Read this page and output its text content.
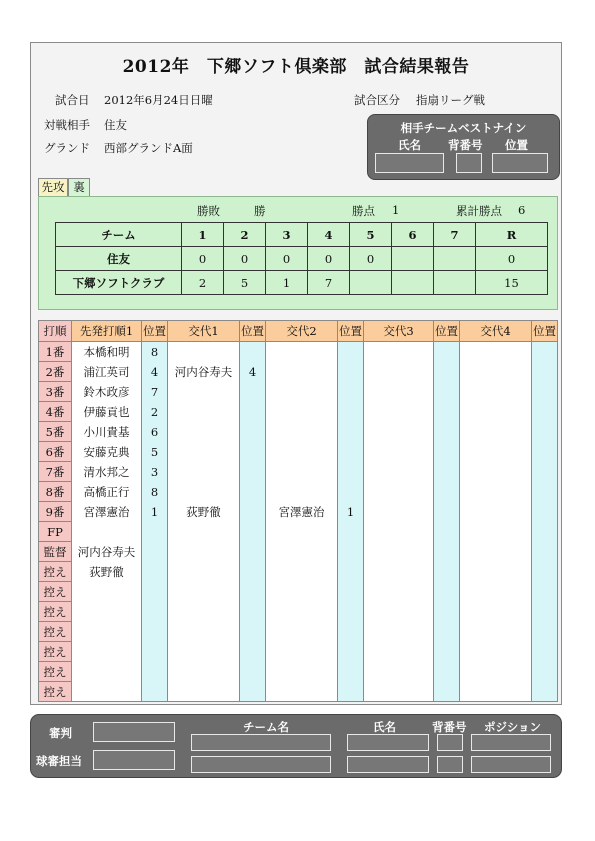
2012年　下郷ソフト倶楽部　試合結果報告
試合日 2012年6月24日日曜
対戦相手 住友
グランド 西部グランドA面
試合区分 指扇リーグ戦
相手チームベストナイン
氏名 背番号 位置
先攻 裏
勝敗	勝	勝点 1	累計勝点 6
チーム	1	2	3	4	5	6	7	R
住友	0	0	0	0	0			0
下郷ソフトクラブ	2	5	1	7				15
打順	先発打順1	位置	交代1	位置	交代2	位置	交代3	位置	交代4	位置
1番	本橋和明	8								
2番	浦江英司	4	河内谷寿夫	4						
3番	鈴木政彦	7								
4番	伊藤貢也	2								
5番	小川貴基	6								
6番	安藤克典	5								
7番	清水邦之	3								
8番	高橋正行	8								
9番	宮澤憲治	1	荻野徹		宮澤憲治	1				
FP										
監督	河内谷寿夫									
控え	荻野徹									
控え										
控え										
控え										
控え										
控え										
控え										
審判
球審担当
チーム名	氏名	背番号 ポジション
